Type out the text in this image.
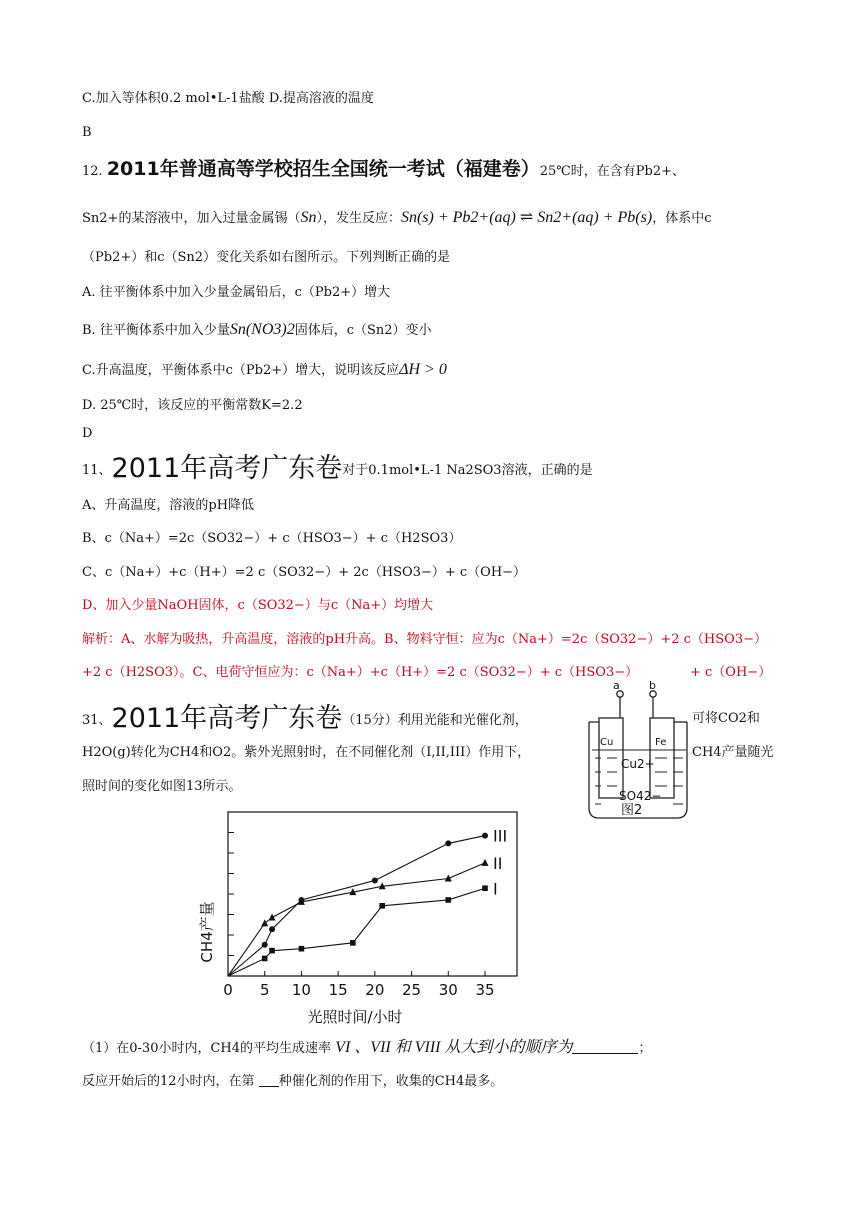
C.加入等体积0.2 mol•L-1盐酸 D.提高溶液的温度
B
12. 2011年普通高等学校招生全国统一考试（福建卷）25℃时，在含有Pb2+、
Sn2+的某溶液中，加入过量金属锡（Sn），发生反应：Sn(s) + Pb2+(aq) ⇌ Sn2+(aq) + Pb(s)，体系中c
（Pb2+）和c（Sn2）变化关系如右图所示。下列判断正确的是
A. 往平衡体系中加入少量金属铅后，c（Pb2+）增大
B. 往平衡体系中加入少量Sn(NO3)2固体后，c（Sn2）变小
C.升高温度，平衡体系中c（Pb2+）增大，说明该反应ΔH > 0
D. 25℃时，该反应的平衡常数K=2.2
D
11、2011年高考广东卷对于0.1mol•L-1 Na2SO3溶液，正确的是
A、升高温度，溶液的pH降低
B、c（Na+）=2c（SO32−）+ c（HSO3−）+ c（H2SO3）
C、c（Na+）+c（H+）=2 c（SO32−）+ 2c（HSO3−）+ c（OH−）
D、加入少量NaOH固体，c（SO32−）与c（Na+）均增大
解析：A、水解为吸热，升高温度，溶液的pH升高。B、物料守恒：应为c（Na+）=2c（SO32−）+2 c（HSO3−）
+2 c（H2SO3）。C、电荷守恒应为：c（Na+）+c（H+）=2 c（SO32−）+ c（HSO3−）	+ c（OH−）
31、2011年高考广东卷（15分）利用光能和光催化剂，	可将CO2和
H2O(g)转化为CH4和O2。紫外光照射时，在不同催化剂（I,II,III）作用下，	CH4产量随光
照时间的变化如图13所示。
（1）在0-30小时内，CH4的平均生成速率 VI 、VII 和 VIII 从大到小的顺序为	；
反应开始后的12小时内，在第 种催化剂的作用下，收集的CH4最多。
a	b
Cu	Fe
Cu2+
SO42−
图2
0 5 10 15 20 25 30 35
III
II
I
CH4产量
光照时间/小时
